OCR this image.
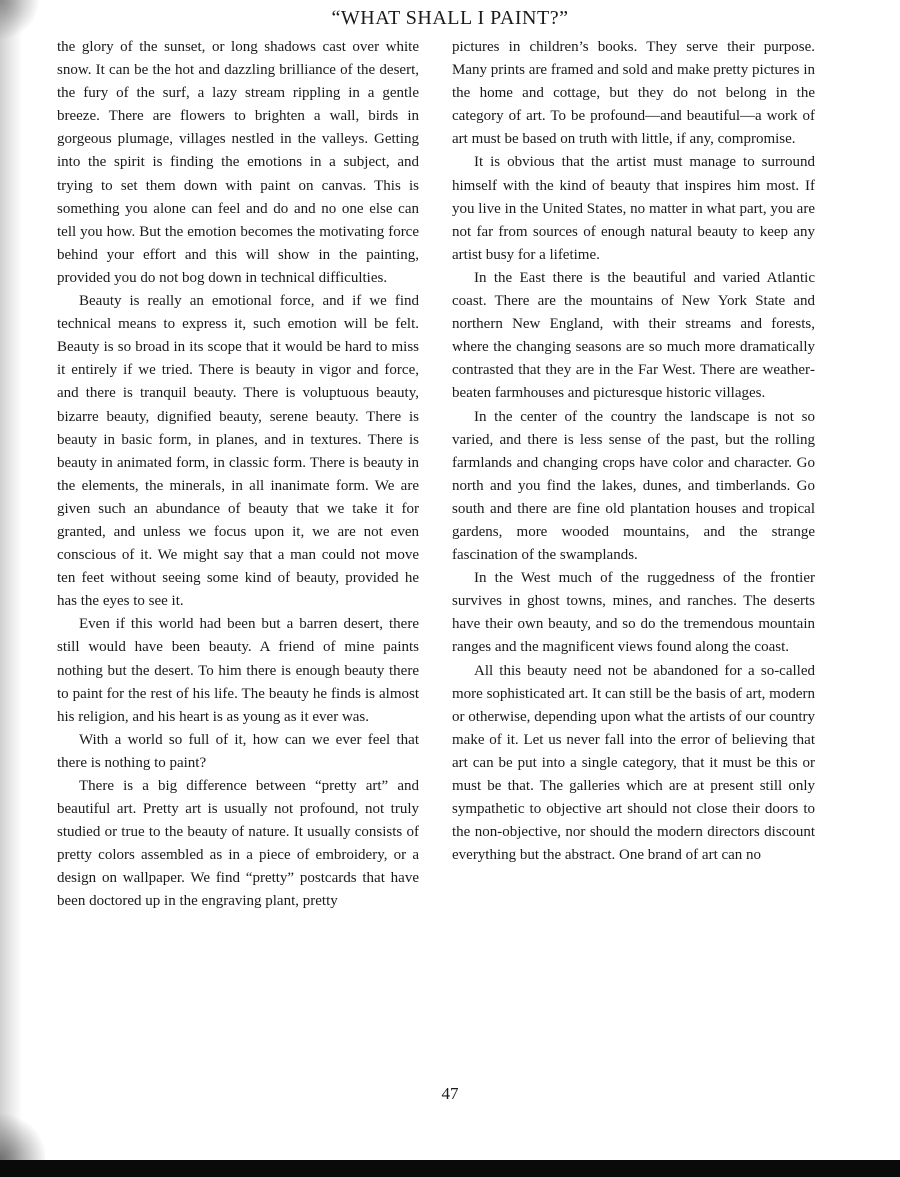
“WHAT SHALL I PAINT?”

the glory of the sunset, or long shadows cast over white snow. It can be the hot and dazzling brilliance of the desert, the fury of the surf, a lazy stream rippling in a gentle breeze. There are flowers to brighten a wall, birds in gorgeous plumage, villages nestled in the valleys. Getting into the spirit is finding the emotions in a subject, and trying to set them down with paint on canvas. This is something you alone can feel and do and no one else can tell you how. But the emotion becomes the motivating force behind your effort and this will show in the painting, provided you do not bog down in technical difficulties.

Beauty is really an emotional force, and if we find technical means to express it, such emotion will be felt. Beauty is so broad in its scope that it would be hard to miss it entirely if we tried. There is beauty in vigor and force, and there is tranquil beauty. There is voluptuous beauty, bizarre beauty, dignified beauty, serene beauty. There is beauty in basic form, in planes, and in textures. There is beauty in animated form, in classic form. There is beauty in the elements, the minerals, in all inanimate form. We are given such an abundance of beauty that we take it for granted, and unless we focus upon it, we are not even conscious of it. We might say that a man could not move ten feet without seeing some kind of beauty, provided he has the eyes to see it.

Even if this world had been but a barren desert, there still would have been beauty. A friend of mine paints nothing but the desert. To him there is enough beauty there to paint for the rest of his life. The beauty he finds is almost his religion, and his heart is as young as it ever was.

With a world so full of it, how can we ever feel that there is nothing to paint?

There is a big difference between “pretty art” and beautiful art. Pretty art is usually not profound, not truly studied or true to the beauty of nature. It usually consists of pretty colors assembled as in a piece of embroidery, or a design on wallpaper. We find “pretty” postcards that have been doctored up in the engraving plant, pretty

pictures in children’s books. They serve their purpose. Many prints are framed and sold and make pretty pictures in the home and cottage, but they do not belong in the category of art. To be profound—and beautiful—a work of art must be based on truth with little, if any, compromise.

It is obvious that the artist must manage to surround himself with the kind of beauty that inspires him most. If you live in the United States, no matter in what part, you are not far from sources of enough natural beauty to keep any artist busy for a lifetime.

In the East there is the beautiful and varied Atlantic coast. There are the mountains of New York State and northern New England, with their streams and forests, where the changing seasons are so much more dramatically contrasted that they are in the Far West. There are weatherbeaten farmhouses and picturesque historic villages.

In the center of the country the landscape is not so varied, and there is less sense of the past, but the rolling farmlands and changing crops have color and character. Go north and you find the lakes, dunes, and timberlands. Go south and there are fine old plantation houses and tropical gardens, more wooded mountains, and the strange fascination of the swamplands.

In the West much of the ruggedness of the frontier survives in ghost towns, mines, and ranches. The deserts have their own beauty, and so do the tremendous mountain ranges and the magnificent views found along the coast.

All this beauty need not be abandoned for a so-called more sophisticated art. It can still be the basis of art, modern or otherwise, depending upon what the artists of our country make of it. Let us never fall into the error of believing that art can be put into a single category, that it must be this or must be that. The galleries which are at present still only sympathetic to objective art should not close their doors to the non-objective, nor should the modern directors discount everything but the abstract. One brand of art can no

47
